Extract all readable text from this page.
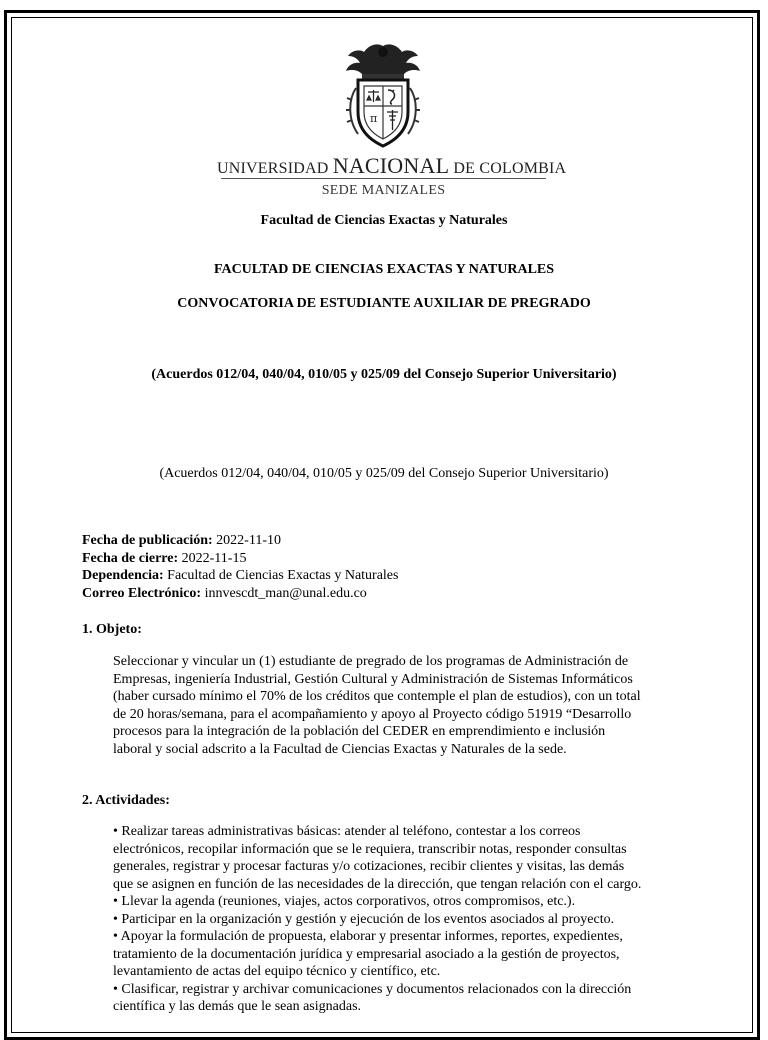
π
UNIVERSIDAD NACIONAL DE COLOMBIA
SEDE MANIZALES
Facultad de Ciencias Exactas y Naturales
FACULTAD DE CIENCIAS EXACTAS Y NATURALES
CONVOCATORIA DE ESTUDIANTE AUXILIAR DE PREGRADO
(Acuerdos 012/04, 040/04, 010/05 y 025/09 del Consejo Superior Universitario)
(Acuerdos 012/04, 040/04, 010/05 y 025/09 del Consejo Superior Universitario)
Fecha de publicación: 2022-11-10
Fecha de cierre: 2022-11-15
Dependencia: Facultad de Ciencias Exactas y Naturales
Correo Electrónico: innvescdt_man@unal.edu.co
1. Objeto:
Seleccionar y vincular un (1) estudiante de pregrado de los programas de Administración de
Empresas, ingeniería Industrial, Gestión Cultural y Administración de Sistemas Informáticos
(haber cursado mínimo el 70% de los créditos que contemple el plan de estudios), con un total
de 20 horas/semana, para el acompañamiento y apoyo al Proyecto código 51919 “Desarrollo
procesos para la integración de la población del CEDER en emprendimiento e inclusión
laboral y social adscrito a la Facultad de Ciencias Exactas y Naturales de la sede.
2. Actividades:
• Realizar tareas administrativas básicas: atender al teléfono, contestar a los correos
electrónicos, recopilar información que se le requiera, transcribir notas, responder consultas
generales, registrar y procesar facturas y/o cotizaciones, recibir clientes y visitas, las demás
que se asignen en función de las necesidades de la dirección, que tengan relación con el cargo.
• Llevar la agenda (reuniones, viajes, actos corporativos, otros compromisos, etc.).
• Participar en la organización y gestión y ejecución de los eventos asociados al proyecto.
• Apoyar la formulación de propuesta, elaborar y presentar informes, reportes, expedientes,
tratamiento de la documentación jurídica y empresarial asociado a la gestión de proyectos,
levantamiento de actas del equipo técnico y científico, etc.
• Clasificar, registrar y archivar comunicaciones y documentos relacionados con la dirección
científica y las demás que le sean asignadas.
